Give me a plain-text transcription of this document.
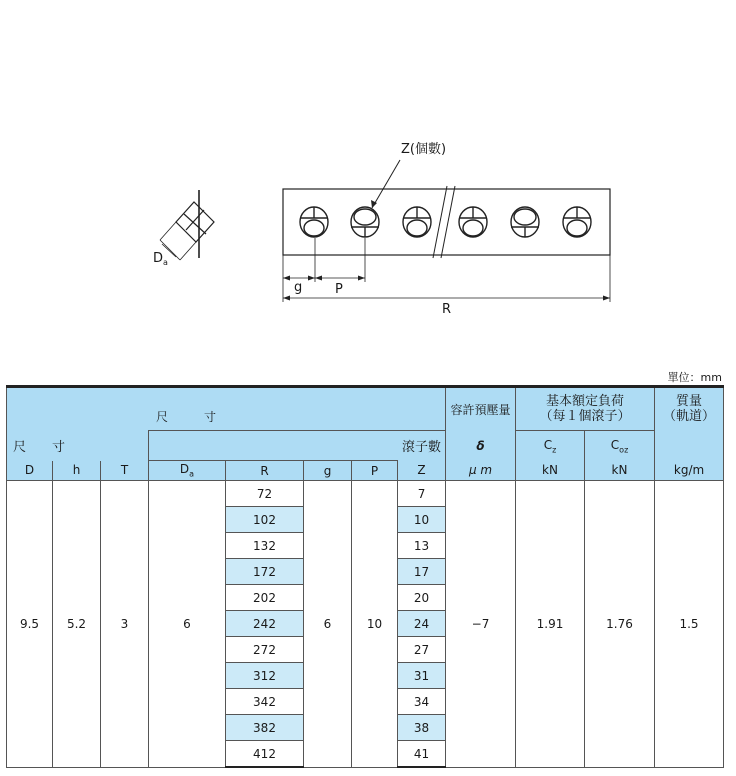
Z(個數)
$D_a$
g	P
R
單位：mm
尺　　　寸								容許預壓量	基本額定負荷
（每１個滾子）		質量
（軌道）
尺　　寸			滾子數					δ	$C_z$	$C_{oz}$	
D	h	T	$D_a$	R	g	P	Z	μ m	kN	kN	kg/m
9.5	5.2	3	6	72	6	10	7	−7	1.91	1.76	1.5
				102			10				
				132			13				
				172			17				
				202			20				
				242			24				
				272			27				
				312			31				
				342			34				
				382			38				
				412			41				
